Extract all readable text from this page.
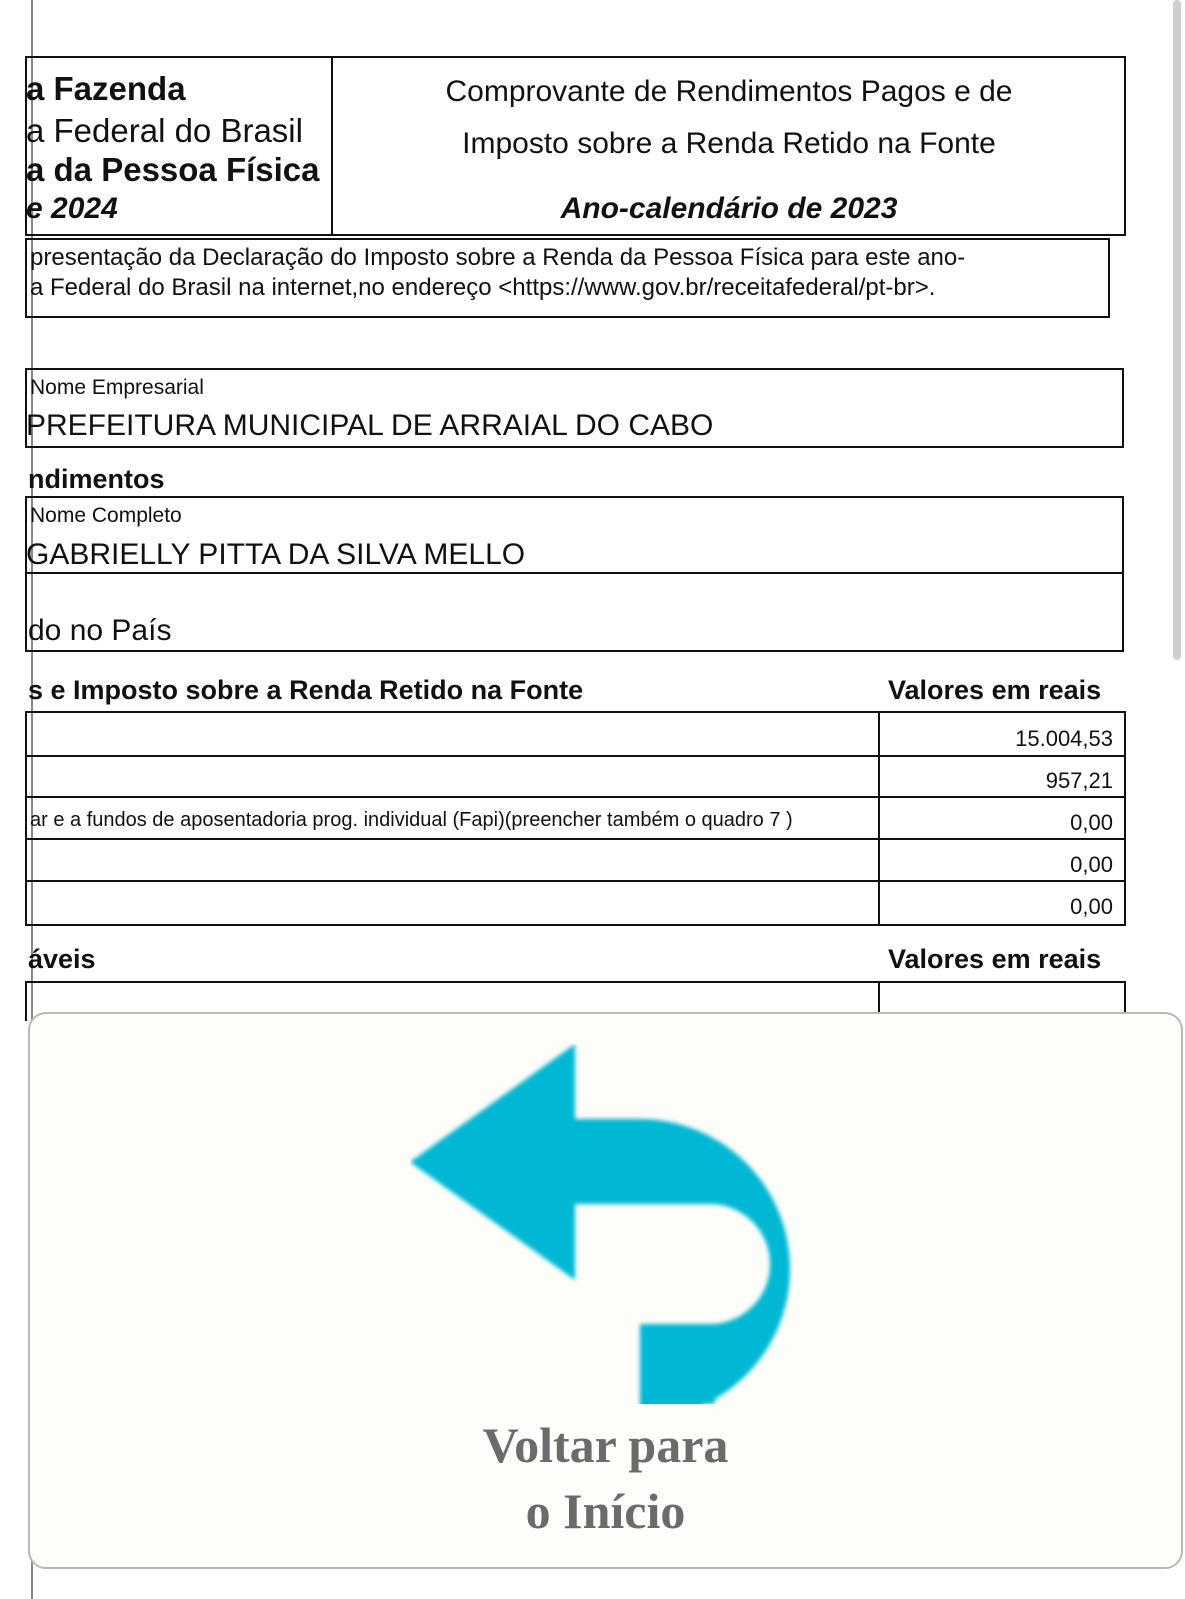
a Fazenda
a Federal do Brasil
a da Pessoa Física
e 2024
Comprovante de Rendimentos Pagos e de
Imposto sobre a Renda Retido na Fonte
Ano-calendário de 2023
presentação da Declaração do Imposto sobre a Renda da Pessoa Física para este ano-
a Federal do Brasil na internet,no endereço <https://www.gov.br/receitafederal/pt-br>.
Nome Empresarial
PREFEITURA MUNICIPAL DE ARRAIAL DO CABO
ndimentos
Nome Completo
GABRIELLY PITTA DA SILVA MELLO
do no País
s e Imposto sobre a Renda Retido na Fonte	Valores em reais
15.004,53
957,21
ar e a fundos de aposentadoria prog. individual (Fapi)(preencher também o quadro 7 )	0,00
0,00
0,00
áveis	Valores em reais
Voltar para
o Início
